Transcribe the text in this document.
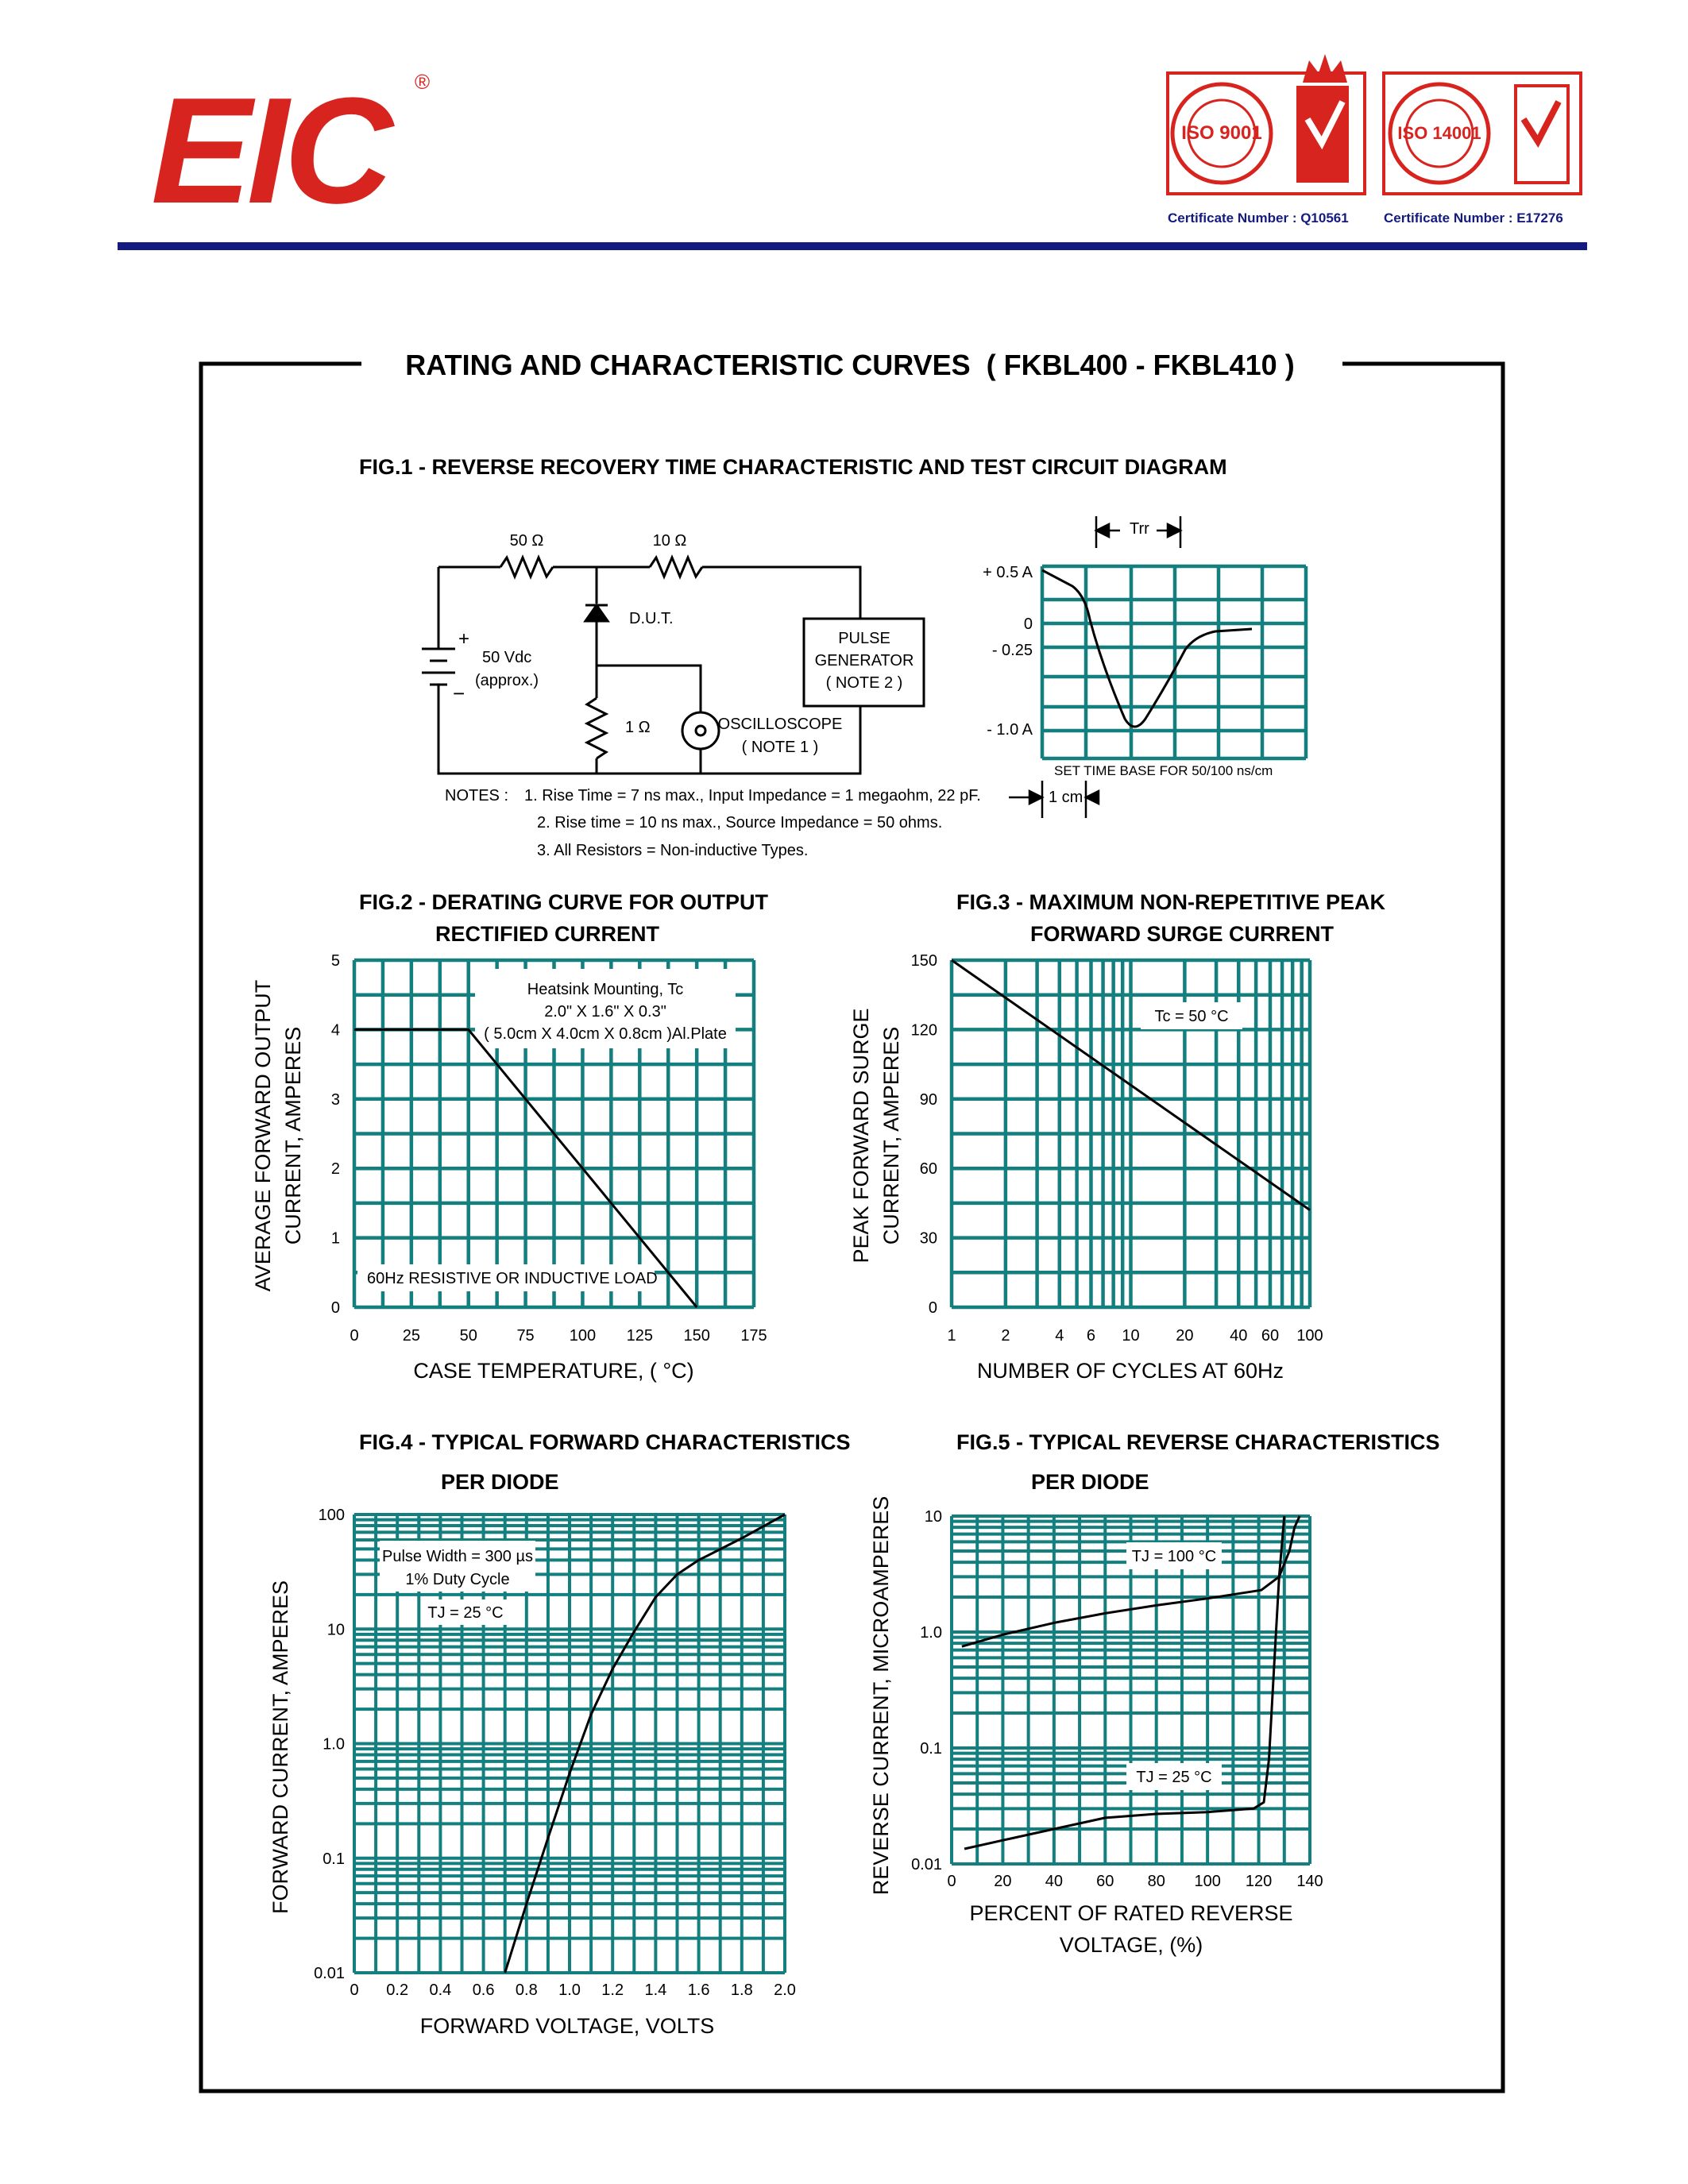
EIC	®
ISO 9001
Certificate Number : Q10561
ISO 14001
Certificate Number : E17276
RATING AND CHARACTERISTIC CURVES  ( FKBL400 - FKBL410 )
FIG.1 - REVERSE RECOVERY TIME CHARACTERISTIC AND TEST CIRCUIT DIAGRAM
50 Ω	10 Ω
D.U.T.
+
−
50 Vdc
(approx.)
1 Ω
PULSE
GENERATOR
( NOTE 2 )
OSCILLOSCOPE
( NOTE 1 )
NOTES : 1. Rise Time = 7 ns max., Input Impedance = 1 megaohm, 22 pF.
2. Rise time = 10 ns max., Source Impedance = 50 ohms.
3. All Resistors = Non-inductive Types.
Trr
+ 0.5 A
0
- 0.25
- 1.0 A
SET TIME BASE FOR 50/100 ns/cm
1 cm
FIG.2 - DERATING CURVE FOR OUTPUT
RECTIFIED CURRENT
0	25 50 75 100 125 150 175
0
1
2
3
4
5
Heatsink Mounting, Tc
2.0" X 1.6" X 0.3"
( 5.0cm X 4.0cm X 0.8cm )Al.Plate
60Hz RESISTIVE OR INDUCTIVE LOAD
CASE TEMPERATURE, ( °C)
AVERAGE FORWARD OUTPUT CURRENT, AMPERES
FIG.3 - MAXIMUM NON-REPETITIVE PEAK
FORWARD SURGE CURRENT
1	2	4 6 10 20 40 60 100
0
30
60
90
120
150
Tc = 50 °C
NUMBER OF CYCLES AT 60Hz
PEAK FORWARD SURGE CURRENT, AMPERES
FIG.4 - TYPICAL FORWARD CHARACTERISTICS
PER DIODE
0 0.2 0.4 0.6 0.8 1.0 1.2 1.4 1.6 1.8 2.0
0.01
0.1
1.0
10
100
Pulse Width = 300 µs
1% Duty Cycle
TJ = 25 °C
FORWARD VOLTAGE, VOLTS
FORWARD CURRENT, AMPERES
FIG.5 - TYPICAL REVERSE CHARACTERISTICS
PER DIODE
0 20 40 60 80 100 120 140
0.01
0.1
1.0
10
TJ = 100 °C
TJ = 25 °C
PERCENT OF RATED REVERSE
VOLTAGE, (%)
REVERSE CURRENT, MICROAMPERES
